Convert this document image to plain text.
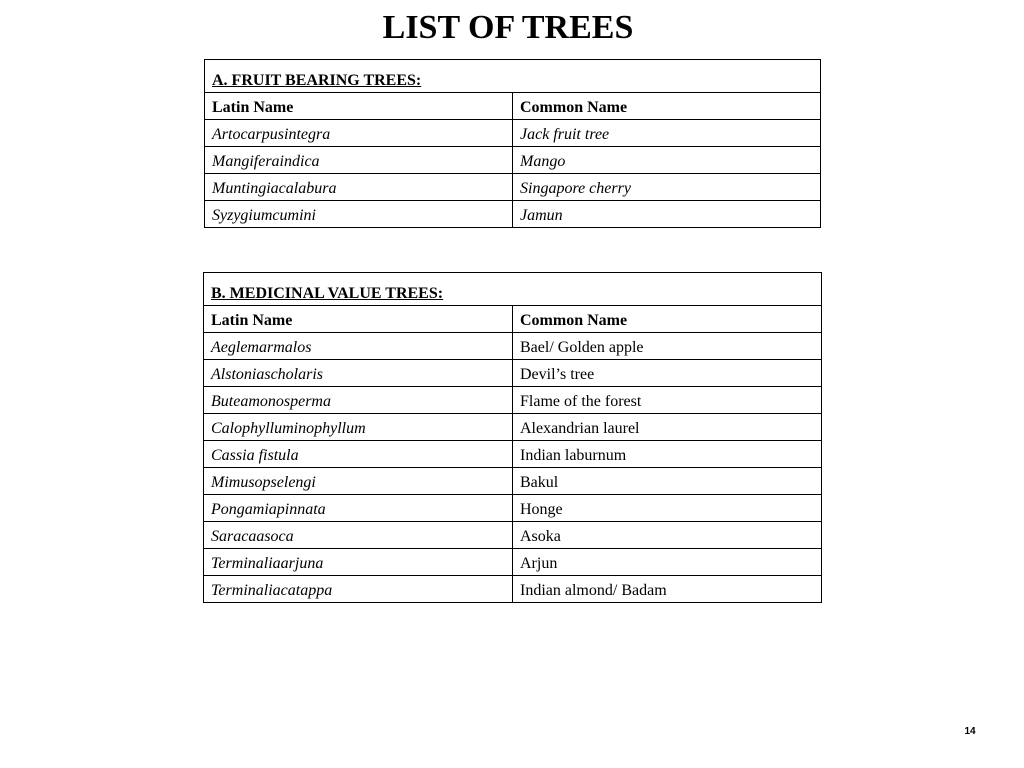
LIST OF TREES
A. FRUIT BEARING TREES:	
Latin Name	Common Name
Artocarpusintegra	Jack fruit tree
Mangiferaindica	Mango
Muntingiacalabura	Singapore cherry
Syzygiumcumini	Jamun
B. MEDICINAL VALUE TREES:	
Latin Name	Common Name
Aeglemarmalos	Bael/ Golden apple
Alstoniascholaris	Devil’s tree
Buteamonosperma	Flame of the forest
Calophylluminophyllum	Alexandrian laurel
Cassia fistula	Indian laburnum
Mimusopselengi	Bakul
Pongamiapinnata	Honge
Saracaasoca	Asoka
Terminaliaarjuna	Arjun
Terminaliacatappa	Indian almond/ Badam
14
